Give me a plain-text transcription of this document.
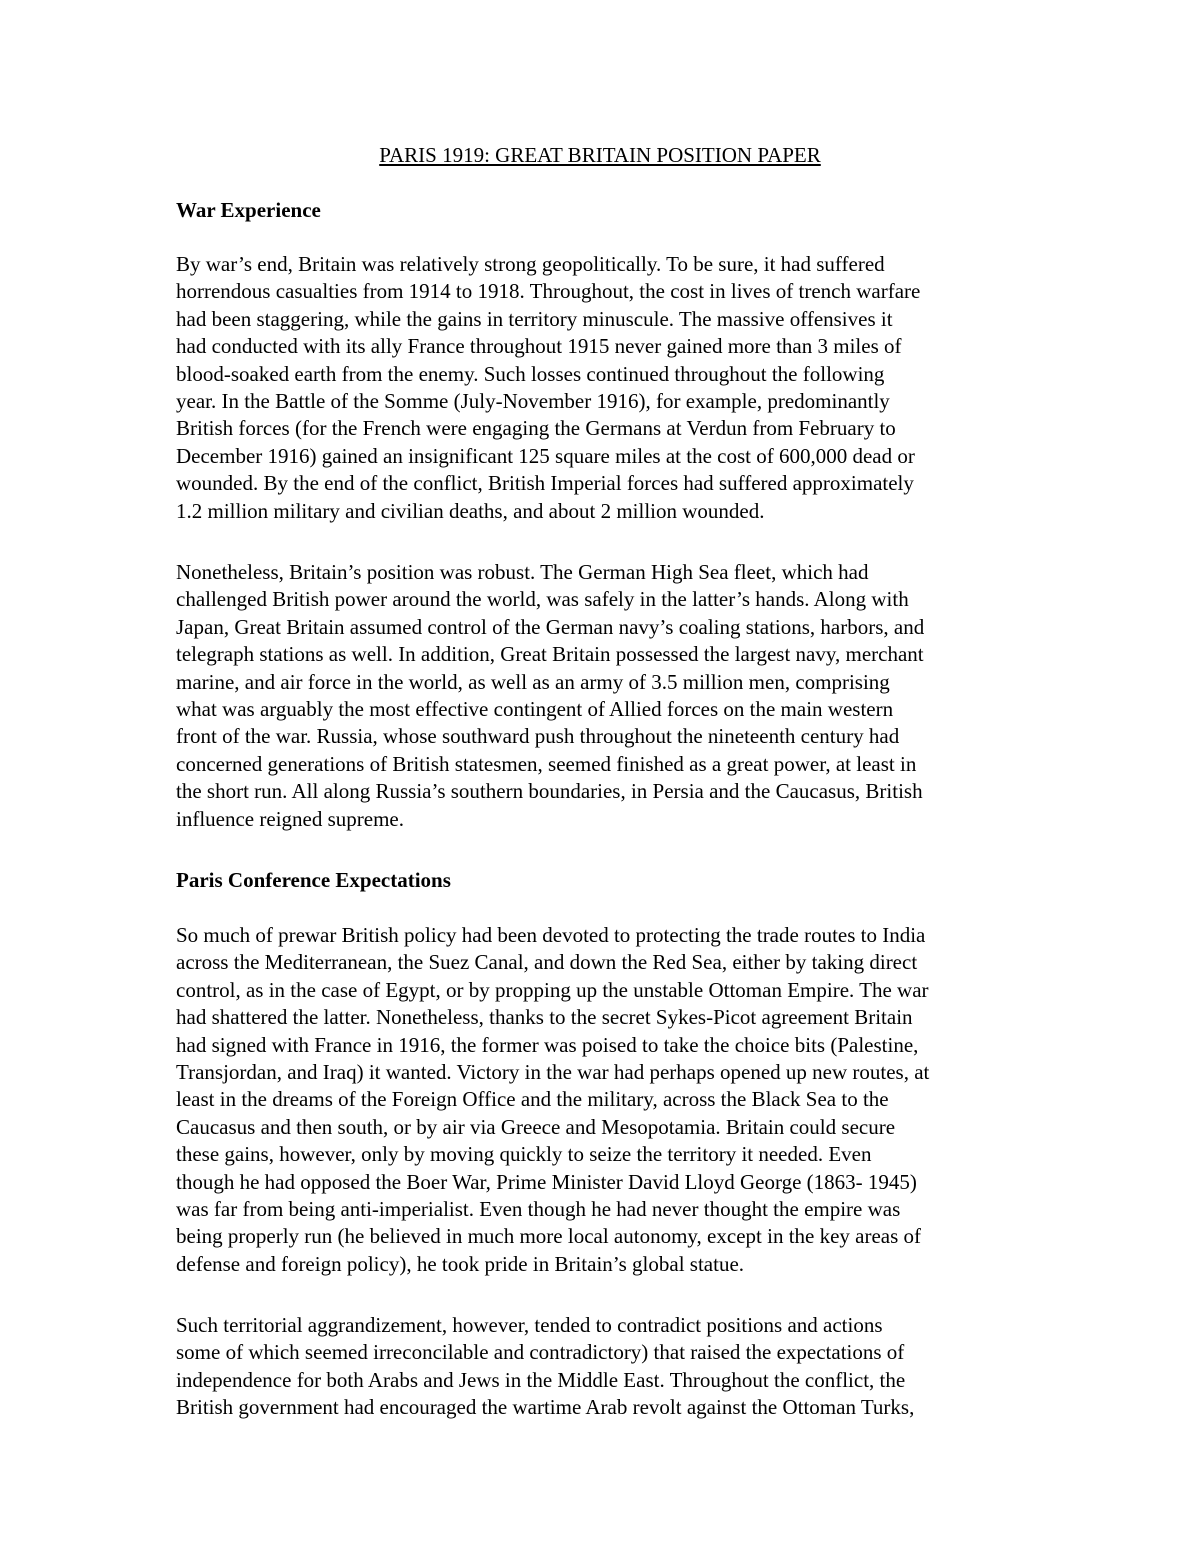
PARIS 1919: GREAT BRITAIN POSITION PAPER
War Experience
By war’s end, Britain was relatively strong geopolitically. To be sure, it had suffered
horrendous casualties from 1914 to 1918. Throughout, the cost in lives of trench warfare
had been staggering, while the gains in territory minuscule. The massive offensives it
had conducted with its ally France throughout 1915 never gained more than 3 miles of
blood-soaked earth from the enemy. Such losses continued throughout the following
year. In the Battle of the Somme (July-November 1916), for example, predominantly
British forces (for the French were engaging the Germans at Verdun from February to
December 1916) gained an insignificant 125 square miles at the cost of 600,000 dead or
wounded. By the end of the conflict, British Imperial forces had suffered approximately
1.2 million military and civilian deaths, and about 2 million wounded.
Nonetheless, Britain’s position was robust. The German High Sea fleet, which had
challenged British power around the world, was safely in the latter’s hands. Along with
Japan, Great Britain assumed control of the German navy’s coaling stations, harbors, and
telegraph stations as well. In addition, Great Britain possessed the largest navy, merchant
marine, and air force in the world, as well as an army of 3.5 million men, comprising
what was arguably the most effective contingent of Allied forces on the main western
front of the war. Russia, whose southward push throughout the nineteenth century had
concerned generations of British statesmen, seemed finished as a great power, at least in
the short run. All along Russia’s southern boundaries, in Persia and the Caucasus, British
influence reigned supreme.
Paris Conference Expectations
So much of prewar British policy had been devoted to protecting the trade routes to India
across the Mediterranean, the Suez Canal, and down the Red Sea, either by taking direct
control, as in the case of Egypt, or by propping up the unstable Ottoman Empire. The war
had shattered the latter. Nonetheless, thanks to the secret Sykes-Picot agreement Britain
had signed with France in 1916, the former was poised to take the choice bits (Palestine,
Transjordan, and Iraq) it wanted. Victory in the war had perhaps opened up new routes, at
least in the dreams of the Foreign Office and the military, across the Black Sea to the
Caucasus and then south, or by air via Greece and Mesopotamia. Britain could secure
these gains, however, only by moving quickly to seize the territory it needed. Even
though he had opposed the Boer War, Prime Minister David Lloyd George (1863- 1945)
was far from being anti-imperialist. Even though he had never thought the empire was
being properly run (he believed in much more local autonomy, except in the key areas of
defense and foreign policy), he took pride in Britain’s global statue.
Such territorial aggrandizement, however, tended to contradict positions and actions
some of which seemed irreconcilable and contradictory) that raised the expectations of
independence for both Arabs and Jews in the Middle East. Throughout the conflict, the
British government had encouraged the wartime Arab revolt against the Ottoman Turks,
